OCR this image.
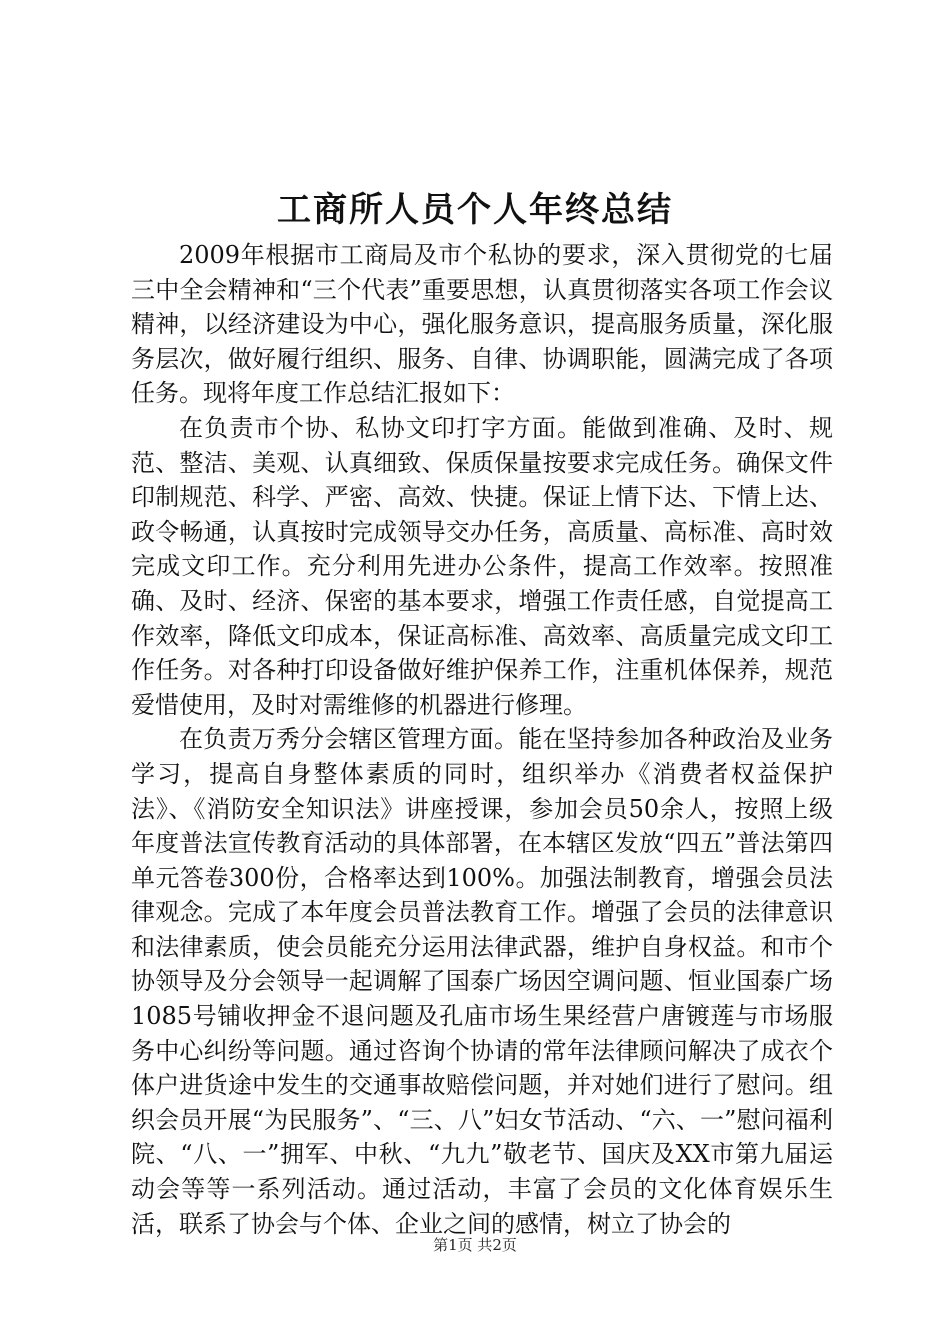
工商所人员个人年终总结

2009年根据市工商局及市个私协的要求，深入贯彻党的七届三中全会精神和“三个代表”重要思想，认真贯彻落实各项工作会议精神，以经济建设为中心，强化服务意识，提高服务质量，深化服务层次，做好履行组织、服务、自律、协调职能，圆满完成了各项任务。现将年度工作总结汇报如下：

在负责市个协、私协文印打字方面。能做到准确、及时、规范、整洁、美观、认真细致、保质保量按要求完成任务。确保文件印制规范、科学、严密、高效、快捷。保证上情下达、下情上达、政令畅通，认真按时完成领导交办任务，高质量、高标准、高时效完成文印工作。充分利用先进办公条件，提高工作效率。按照准确、及时、经济、保密的基本要求，增强工作责任感，自觉提高工作效率，降低文印成本，保证高标准、高效率、高质量完成文印工作任务。对各种打印设备做好维护保养工作，注重机体保养，规范爱惜使用，及时对需维修的机器进行修理。

在负责万秀分会辖区管理方面。能在坚持参加各种政治及业务学习，提高自身整体素质的同时，组织举办《消费者权益保护法》、《消防安全知识法》讲座授课，参加会员50余人，按照上级年度普法宣传教育活动的具体部署，在本辖区发放“四五”普法第四单元答卷300份，合格率达到100%。加强法制教育，增强会员法律观念。完成了本年度会员普法教育工作。增强了会员的法律意识和法律素质，使会员能充分运用法律武器，维护自身权益。和市个协领导及分会领导一起调解了国泰广场因空调问题、恒业国泰广场1085号铺收押金不退问题及孔庙市场生果经营户唐镀莲与市场服务中心纠纷等问题。通过咨询个协请的常年法律顾问解决了成衣个体户进货途中发生的交通事故赔偿问题，并对她们进行了慰问。组织会员开展“为民服务”、“三、八”妇女节活动、“六、一”慰问福利院、“八、一”拥军、中秋、“九九”敬老节、国庆及XX市第九届运动会等等一系列活动。通过活动，丰富了会员的文化体育娱乐生活，联系了协会与个体、企业之间的感情，树立了协会的

第1页 共2页
